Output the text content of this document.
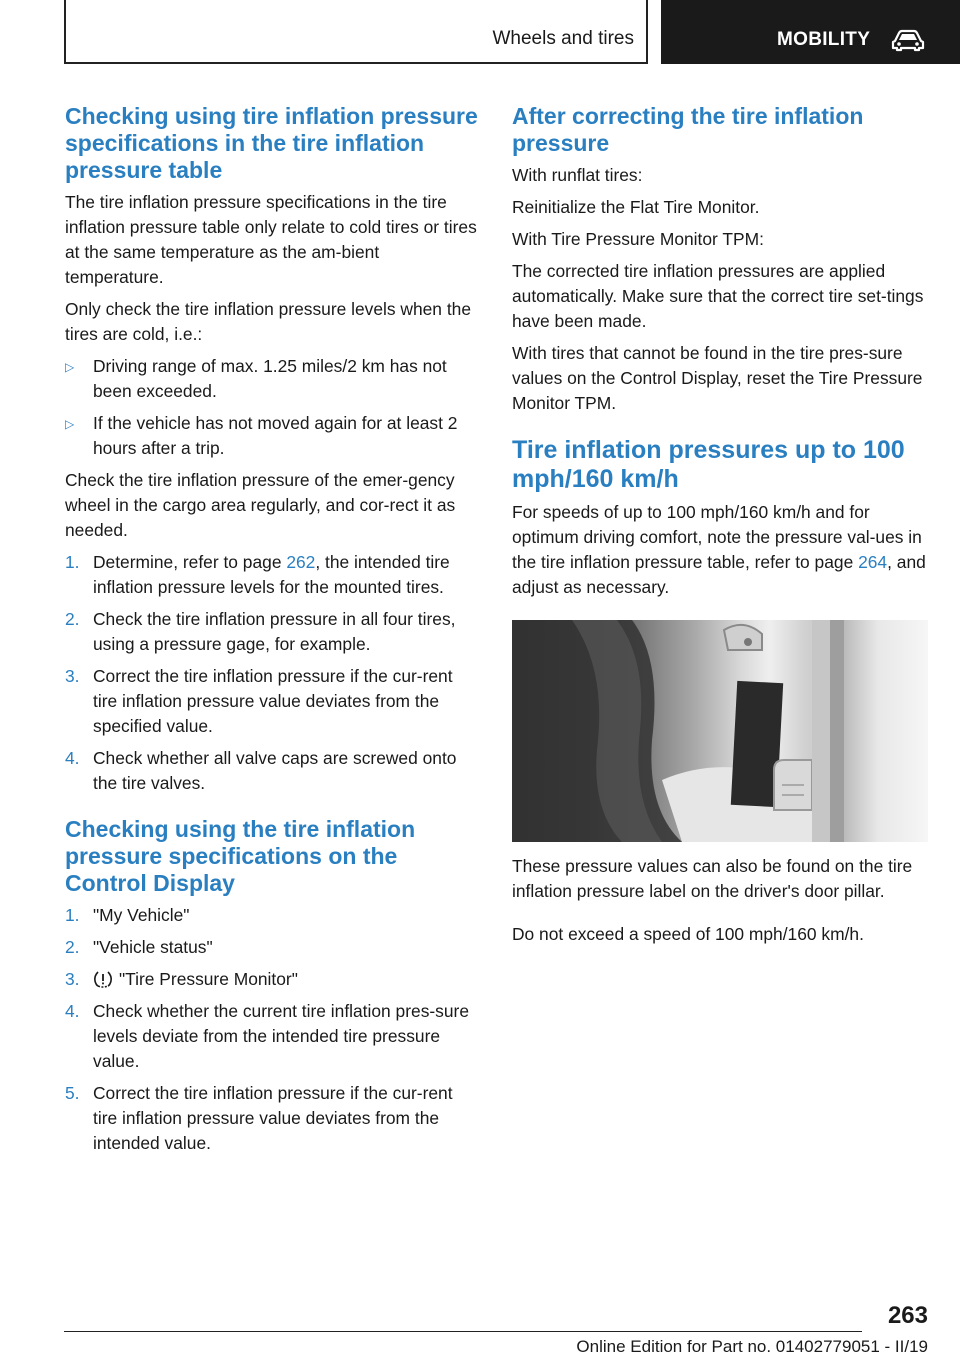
Wheels and tires	MOBILITY
Checking using tire inflation pressure specifications in the tire inflation pressure table

The tire inflation pressure specifications in the tire inflation pressure table only relate to cold tires or tires at the same temperature as the am‐bient temperature.

Only check the tire inflation pressure levels when the tires are cold, i.e.:

▷ Driving range of max. 1.25 miles/2 km has not been exceeded.
▷ If the vehicle has not moved again for at least 2 hours after a trip.

Check the tire inflation pressure of the emer‐gency wheel in the cargo area regularly, and cor‐rect it as needed.

1. Determine, refer to page 262, the intended tire inflation pressure levels for the mounted tires.
2. Check the tire inflation pressure in all four tires, using a pressure gage, for example.
3. Correct the tire inflation pressure if the cur‐rent tire inflation pressure value deviates from the specified value.
4. Check whether all valve caps are screwed onto the tire valves.
Checking using the tire inflation pressure specifications on the Control Display
1. "My Vehicle"
2. "Vehicle status"
3. "Tire Pressure Monitor"
4. Check whether the current tire inflation pres‐sure levels deviate from the intended tire pressure value.
5. Correct the tire inflation pressure if the cur‐rent tire inflation pressure value deviates from the intended value.
After correcting the tire inflation pressure

With runflat tires:

Reinitialize the Flat Tire Monitor.

With Tire Pressure Monitor TPM:

The corrected tire inflation pressures are applied automatically. Make sure that the correct tire set‐tings have been made.

With tires that cannot be found in the tire pres‐sure values on the Control Display, reset the Tire Pressure Monitor TPM.

Tire inflation pressures up to 100 mph/160 km/h

For speeds of up to 100 mph/160 km/h and for optimum driving comfort, note the pressure val‐ues in the tire inflation pressure table, refer to page 264, and adjust as necessary.

These pressure values can also be found on the tire inflation pressure label on the driver's door pillar.

Do not exceed a speed of 100 mph/160 km/h.

263
Online Edition for Part no. 01402779051 - II/19
